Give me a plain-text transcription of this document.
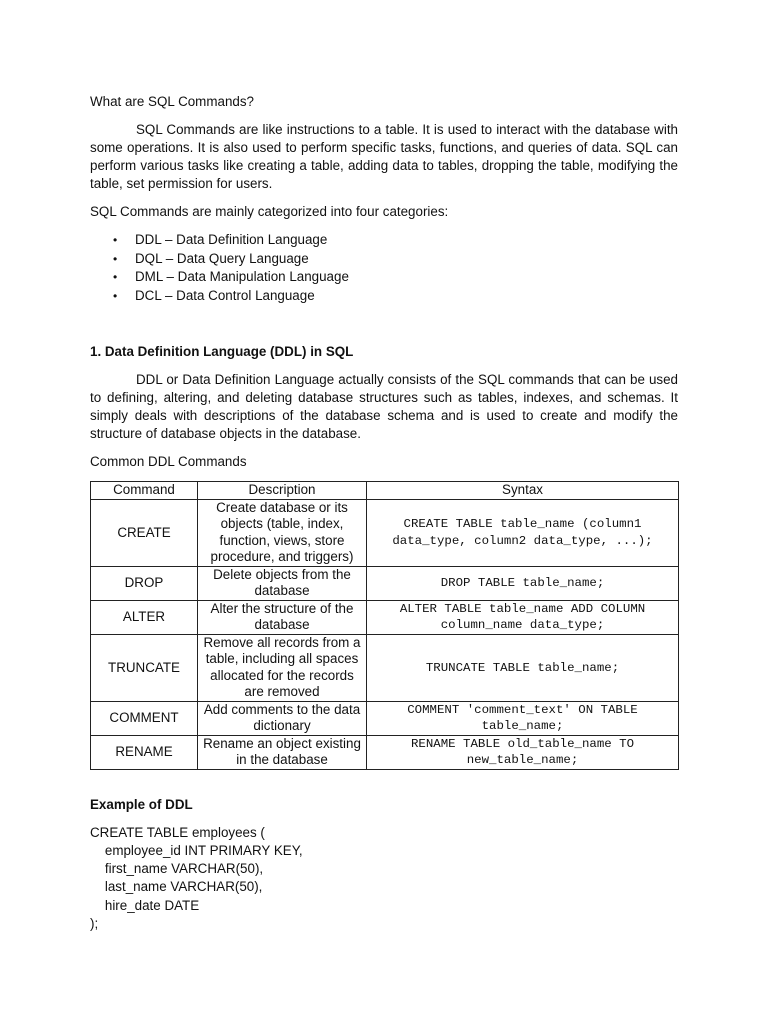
What are SQL Commands?

SQL Commands are like instructions to a table. It is used to interact with the database with some operations. It is also used to perform specific tasks, functions, and queries of data. SQL can perform various tasks like creating a table, adding data to tables, dropping the table, modifying the table, set permission for users.

SQL Commands are mainly categorized into four categories:

• DDL – Data Definition Language
• DQL – Data Query Language
• DML – Data Manipulation Language
• DCL – Data Control Language

1. Data Definition Language (DDL) in SQL

DDL or Data Definition Language actually consists of the SQL commands that can be used to defining, altering, and deleting database structures such as tables, indexes, and schemas. It simply deals with descriptions of the database schema and is used to create and modify the structure of database objects in the database.

Common DDL Commands

Command	Description	Syntax
CREATE	Create database or its objects (table, index, function, views, store procedure, and triggers)	CREATE TABLE table_name (column1 data_type, column2 data_type, ...);
DROP	Delete objects from the database	DROP TABLE table_name;
ALTER	Alter the structure of the database	ALTER TABLE table_name ADD COLUMN column_name data_type;
TRUNCATE	Remove all records from a table, including all spaces allocated for the records are removed	TRUNCATE TABLE table_name;
COMMENT	Add comments to the data dictionary	COMMENT 'comment_text' ON TABLE table_name;
RENAME	Rename an object existing in the database	RENAME TABLE old_table_name TO new_table_name;

Example of DDL

CREATE TABLE employees (
employee_id INT PRIMARY KEY,
first_name VARCHAR(50),
last_name VARCHAR(50),
hire_date DATE
);
